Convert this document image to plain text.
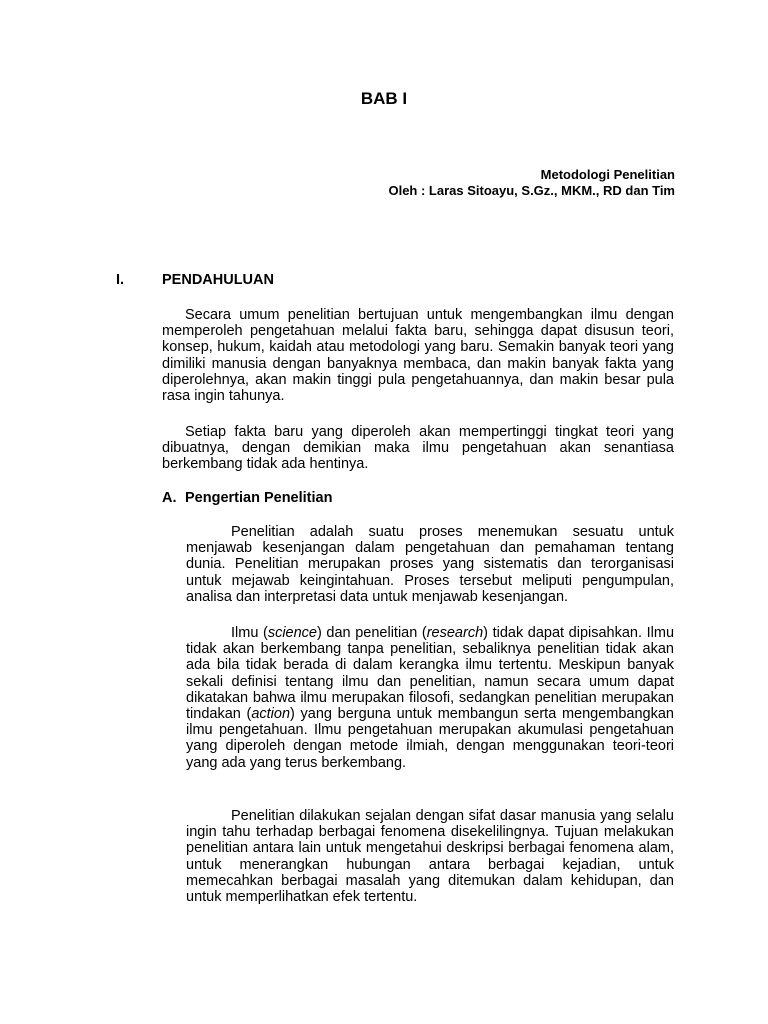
BAB I
Metodologi Penelitian
Oleh : Laras Sitoayu, S.Gz., MKM., RD dan Tim
I.	PENDAHULUAN

Secara umum penelitian bertujuan untuk mengembangkan ilmu dengan memperoleh pengetahuan melalui fakta baru, sehingga dapat disusun teori, konsep, hukum, kaidah atau metodologi yang baru. Semakin banyak teori yang dimiliki manusia dengan banyaknya membaca, dan makin banyak fakta yang diperolehnya, akan makin tinggi pula pengetahuannya, dan makin besar pula rasa ingin tahunya.

Setiap fakta baru yang diperoleh akan mempertinggi tingkat teori yang dibuatnya, dengan demikian maka ilmu pengetahuan akan senantiasa berkembang tidak ada hentinya.

A. Pengertian Penelitian

Penelitian adalah suatu proses menemukan sesuatu untuk menjawab kesenjangan dalam pengetahuan dan pemahaman tentang dunia. Penelitian merupakan proses yang sistematis dan terorganisasi untuk mejawab keingintahuan. Proses tersebut meliputi pengumpulan, analisa dan interpretasi data untuk menjawab kesenjangan.

Ilmu (science) dan penelitian (research) tidak dapat dipisahkan. Ilmu tidak akan berkembang tanpa penelitian, sebaliknya penelitian tidak akan ada bila tidak berada di dalam kerangka ilmu tertentu. Meskipun banyak sekali definisi tentang ilmu dan penelitian, namun secara umum dapat dikatakan bahwa ilmu merupakan filosofi, sedangkan penelitian merupakan tindakan (action) yang berguna untuk membangun serta mengembangkan ilmu pengetahuan. Ilmu pengetahuan merupakan akumulasi pengetahuan yang diperoleh dengan metode ilmiah, dengan menggunakan teori-teori yang ada yang terus berkembang.

Penelitian dilakukan sejalan dengan sifat dasar manusia yang selalu ingin tahu terhadap berbagai fenomena disekelilingnya. Tujuan melakukan penelitian antara lain untuk mengetahui deskripsi berbagai fenomena alam, untuk menerangkan hubungan antara berbagai kejadian, untuk memecahkan berbagai masalah yang ditemukan dalam kehidupan, dan untuk memperlihatkan efek tertentu.
